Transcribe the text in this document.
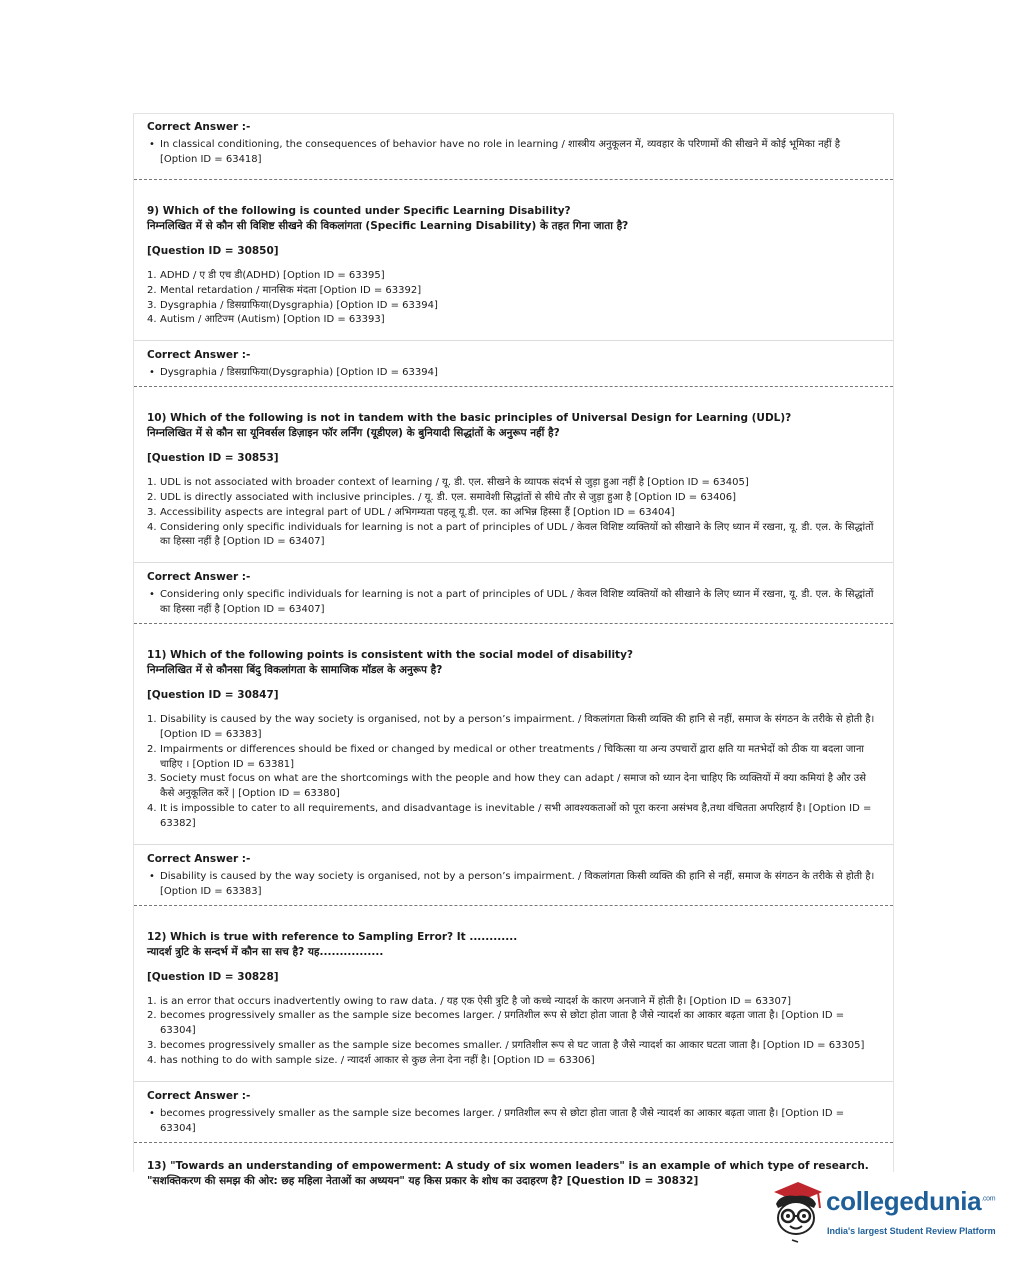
Correct Answer :-
• In classical conditioning, the consequences of behavior have no role in learning / शास्त्रीय अनुकूलन में, व्यवहार के परिणामों की सीखने में कोई भूमिका नहीं है [Option ID = 63418]
9) Which of the following is counted under Specific Learning Disability?
निम्नलिखित में से कौन सी विशिष्ट सीखने की विकलांगता (Specific Learning Disability) के तहत गिना जाता है?
[Question ID = 30850]
1. ADHD / ए डी एच डी(ADHD) [Option ID = 63395]
2. Mental retardation / मानसिक मंदता [Option ID = 63392]
3. Dysgraphia / डिसग्राफिया(Dysgraphia) [Option ID = 63394]
4. Autism / आटिज्म (Autism) [Option ID = 63393]
Correct Answer :-
• Dysgraphia / डिसग्राफिया(Dysgraphia) [Option ID = 63394]
10) Which of the following is not in tandem with the basic principles of Universal Design for Learning (UDL)?
निम्नलिखित में से कौन सा यूनिवर्सल डिज़ाइन फॉर लर्निंग (यूडीएल) के बुनियादी सिद्धांतों के अनुरूप नहीं है?
[Question ID = 30853]
1. UDL is not associated with broader context of learning / यू. डी. एल. सीखने के व्यापक संदर्भ से जुड़ा हुआ नहीं है [Option ID = 63405]
2. UDL is directly associated with inclusive principles. / यू. डी. एल. समावेशी सिद्धांतों से सीधे तौर से जुड़ा हुआ है [Option ID = 63406]
3. Accessibility aspects are integral part of UDL / अभिगम्यता पहलू यू.डी. एल. का अभिन्न हिस्सा हैं [Option ID = 63404]
4. Considering only specific individuals for learning is not a part of principles of UDL / केवल विशिष्ट व्यक्तियों को सीखाने के लिए ध्यान में रखना, यू. डी. एल. के सिद्धांतों का हिस्सा नहीं है [Option ID = 63407]
Correct Answer :-
• Considering only specific individuals for learning is not a part of principles of UDL / केवल विशिष्ट व्यक्तियों को सीखाने के लिए ध्यान में रखना, यू. डी. एल. के सिद्धांतों का हिस्सा नहीं है [Option ID = 63407]
11) Which of the following points is consistent with the social model of disability?
निम्नलिखित में से कौनसा बिंदु विकलांगता के सामाजिक मॉडल के अनुरूप है?
[Question ID = 30847]
1. Disability is caused by the way society is organised, not by a person’s impairment. / विकलांगता किसी व्यक्ति की हानि से नहीं, समाज के संगठन के तरीके से होती है। [Option ID = 63383]
2. Impairments or differences should be fixed or changed by medical or other treatments / चिकित्सा या अन्य उपचारों द्वारा क्षति या मतभेदों को ठीक या बदला जाना चाहिए । [Option ID = 63381]
3. Society must focus on what are the shortcomings with the people and how they can adapt / समाज को ध्यान देना चाहिए कि व्यक्तियों में क्या कमियां है और उसे कैसे अनुकूलित करें | [Option ID = 63380]
4. It is impossible to cater to all requirements, and disadvantage is inevitable / सभी आवश्यकताओं को पूरा करना असंभव है,तथा वंचितता अपरिहार्य है। [Option ID = 63382]
Correct Answer :-
• Disability is caused by the way society is organised, not by a person’s impairment. / विकलांगता किसी व्यक्ति की हानि से नहीं, समाज के संगठन के तरीके से होती है। [Option ID = 63383]
12) Which is true with reference to Sampling Error? It ............
न्यादर्श त्रुटि के सन्दर्भ में कौन सा सच है? यह................
[Question ID = 30828]
1. is an error that occurs inadvertently owing to raw data. / यह एक ऐसी त्रुटि है जो कच्चे न्यादर्श के कारण अनजाने में होती है। [Option ID = 63307]
2. becomes progressively smaller as the sample size becomes larger. / प्रगतिशील रूप से छोटा होता जाता है जैसे न्यादर्श का आकार बढ़ता जाता है। [Option ID = 63304]
3. becomes progressively smaller as the sample size becomes smaller. / प्रगतिशील रूप से घट जाता है जैसे न्यादर्श का आकार घटता जाता है। [Option ID = 63305]
4. has nothing to do with sample size. / न्यादर्श आकार से कुछ लेना देना नहीं है। [Option ID = 63306]
Correct Answer :-
• becomes progressively smaller as the sample size becomes larger. / प्रगतिशील रूप से छोटा होता जाता है जैसे न्यादर्श का आकार बढ़ता जाता है। [Option ID = 63304]
13) "Towards an understanding of empowerment: A study of six women leaders" is an example of which type of research.
"सशक्तिकरण की समझ की ओर: छह महिला नेताओं का अध्ययन" यह किस प्रकार के शोध का उदाहरण है? [Question ID = 30832]
collegedunia$^{.com}$
India's largest Student Review Platform
